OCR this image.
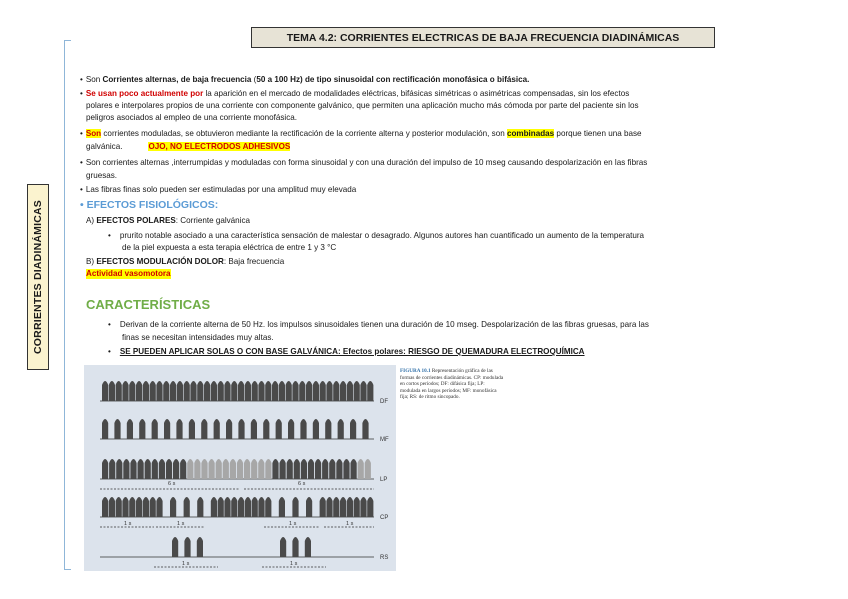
CORRIENTES DIADINÁMICAS
TEMA 4.2: CORRIENTES ELECTRICAS DE BAJA FRECUENCIA DIADINÁMICAS
• Son Corrientes alternas, de baja frecuencia (50 a 100 Hz) de tipo sinusoidal con rectificación monofásica o bifásica.
• Se usan poco actualmente por la aparición en el mercado de modalidades eléctricas, bifásicas simétricas o asimétricas compensadas, sin los efectos
polares e interpolares propios de una corriente con componente galvánico, que permiten una aplicación mucho más cómoda por parte del paciente sin los
peligros asociados al empleo de una corriente monofásica.
• Son corrientes moduladas, se obtuvieron mediante la rectificación de la corriente alterna y posterior modulación, son combinadas porque tienen una base
galvánica.	OJO, NO ELECTRODOS ADHESIVOS
• Son corrientes alternas ,interrumpidas y moduladas con forma sinusoidal y con una duración del impulso de 10 mseg causando despolarización en las fibras
gruesas.
• Las fibras finas solo pueden ser estimuladas por una amplitud muy elevada
• EFECTOS FISIOLÓGICOS:
A) EFECTOS POLARES: Corriente galvánica
• prurito notable asociado a una característica sensación de malestar o desagrado. Algunos autores han cuantificado un aumento de la temperatura
de la piel expuesta a esta terapia eléctrica de entre 1 y 3 °C
B) EFECTOS MODULACIÓN DOLOR: Baja frecuencia
Actividad vasomotora
CARACTERÍSTICAS
• Derivan de la corriente alterna de 50 Hz. los impulsos sinusoidales tienen una duración de 10 mseg. Despolarización de las fibras gruesas, para las
finas se necesitan intensidades muy altas.
• SE PUEDEN APLICAR SOLAS O CON BASE GALVÁNICA: Efectos polares: RIESGO DE QUEMADURA ELECTROQUÍMICA
DF
MF
LP
CP
RS
6 s	6 s
1 s	1 s	1 s	1 s
1 s	1 s
FIGURA 10.1 Representación gráfica de las formas de corrientes diadinámicas. CP: modulada en cortos períodos; DF: difásica fija; LP: modulada en largos períodos; MF: monofásica fija; RS: de ritmo sincopado.
